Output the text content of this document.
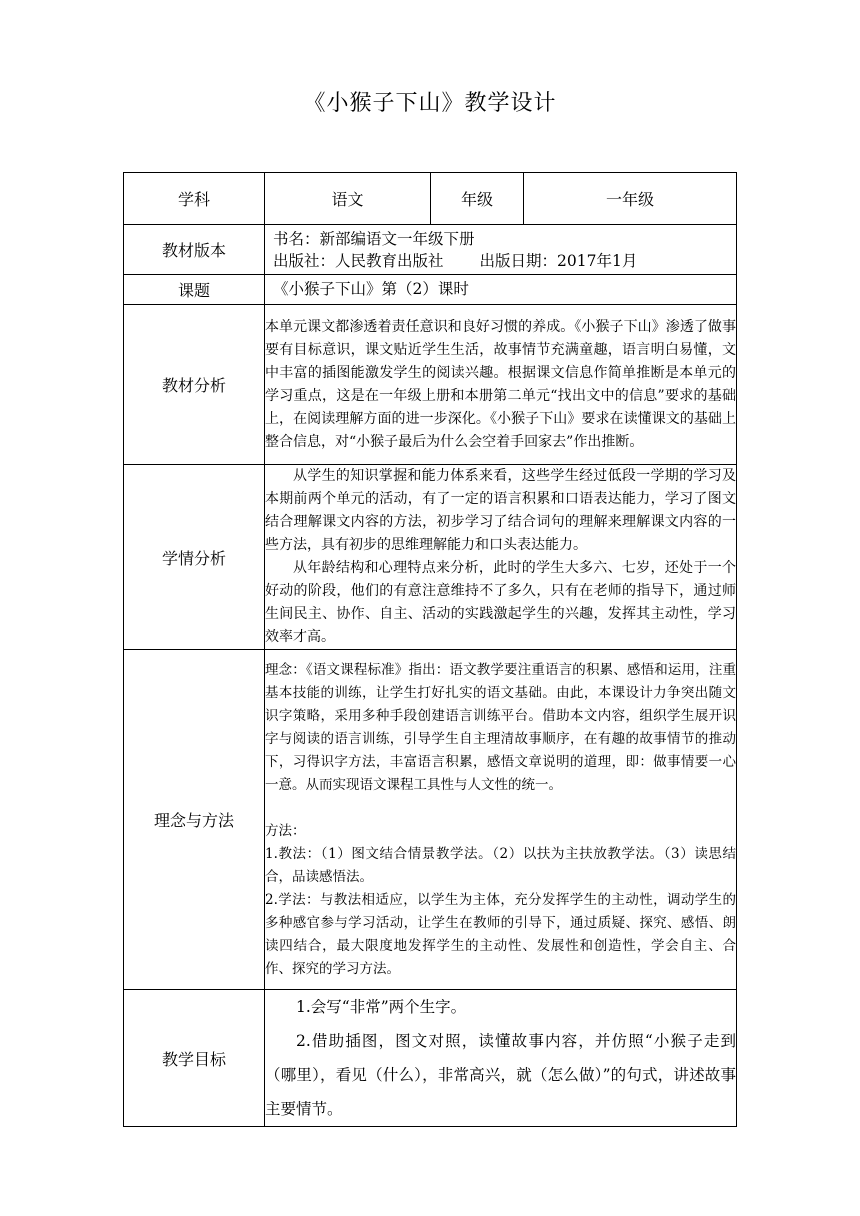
《小猴子下山》教学设计
学科	语文	年级	一年级
教材版本	书名：新部编语文一年级下册
出版社：人民教育出版社 出版日期：2017年1月		

课题	《小猴子下山》第（2）课时		
教材分析	本单元课文都渗透着责任意识和良好习惯的养成。《小猴子下山》渗透了做事要有目标意识，课文贴近学生生活，故事情节充满童趣，语言明白易懂，文中丰富的插图能激发学生的阅读兴趣。根据课文信息作简单推断是本单元的学习重点，这是在一年级上册和本册第二单元“找出文中的信息”要求的基础上，在阅读理解方面的进一步深化。《小猴子下山》要求在读懂课文的基础上整合信息，对“小猴子最后为什么会空着手回家去”作出推断。		
学情分析	从学生的知识掌握和能力体系来看，这些学生经过低段一学期的学习及本期前两个单元的活动，有了一定的语言积累和口语表达能力，学习了图文结合理解课文内容的方法，初步学习了结合词句的理解来理解课文内容的一些方法，具有初步的思维理解能力和口头表达能力。
从年龄结构和心理特点来分析，此时的学生大多六、七岁，还处于一个好动的阶段，他们的有意注意维持不了多久，只有在老师的指导下，通过师生间民主、协作、自主、活动的实践激起学生的兴趣，发挥其主动性，学习效率才高。		

理念与方法	理念：《语文课程标准》指出：语文教学要注重语言的积累、感悟和运用，注重基本技能的训练，让学生打好扎实的语文基础。由此，本课设计力争突出随文识字策略，采用多种手段创建语言训练平台。借助本文内容，组织学生展开识字与阅读的语言训练，引导学生自主理清故事顺序，在有趣的故事情节的推动下，习得识字方法，丰富语言积累，感悟文章说明的道理，即：做事情要一心一意。从而实现语文课程工具性与人文性的统一。
方法：
1.教法：（1）图文结合情景教学法。（2）以扶为主扶放教学法。（3）读思结合，品读感悟法。
2.学法：与教法相适应，以学生为主体，充分发挥学生的主动性，调动学生的多种感官参与学习活动，让学生在教师的引导下，通过质疑、探究、感悟、朗读四结合，最大限度地发挥学生的主动性、发展性和创造性，学会自主、合作、探究的学习方法。		

教学目标	1.会写“非常”两个生字。
2.借助插图，图文对照，读懂故事内容，并仿照“小猴子走到（哪里），看见（什么），非常高兴，就（怎么做）”的句式，讲述故事主要情节。		
